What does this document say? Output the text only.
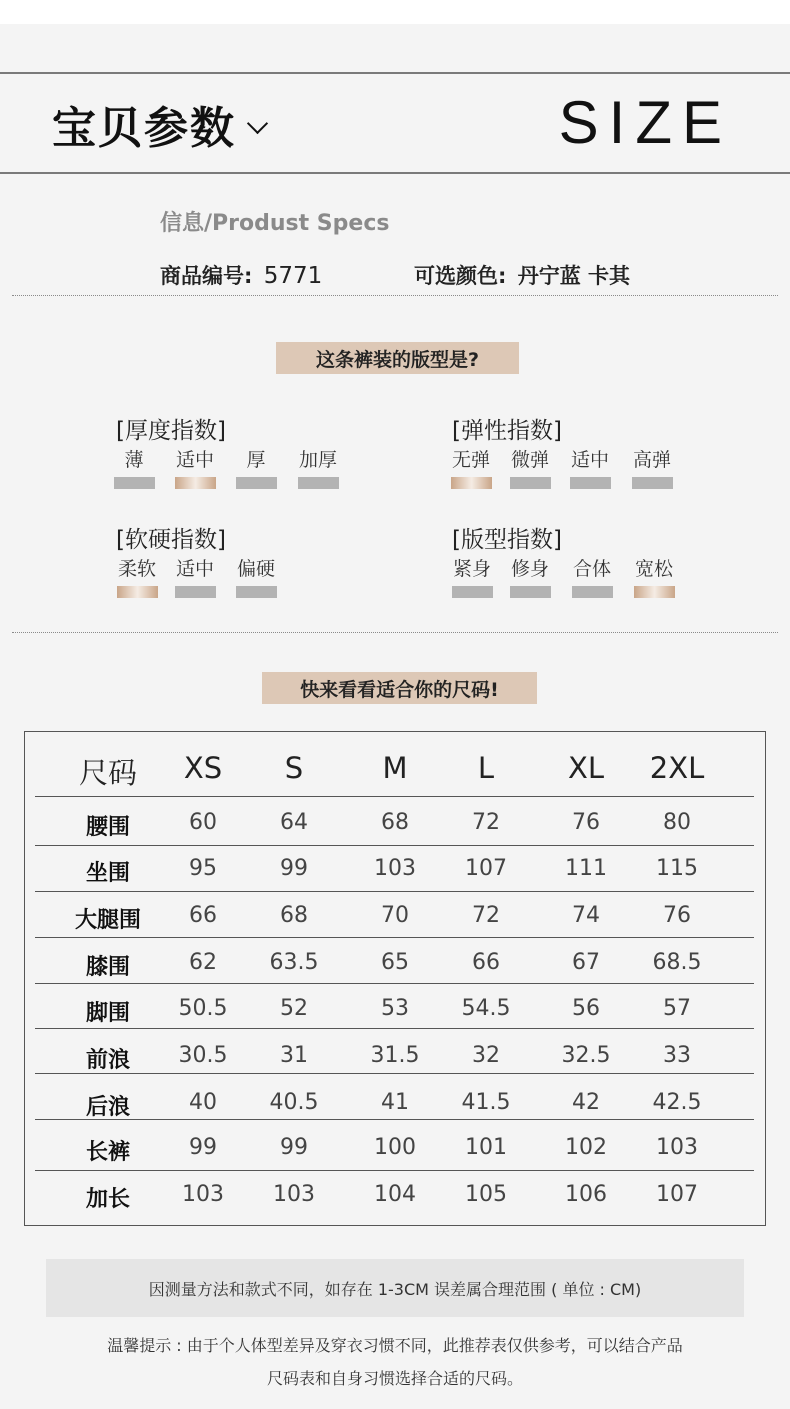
宝贝参数	SIZE
信息/Produst Specs
商品编号: 5771	可选颜色: 丹宁蓝 卡其
这条裤装的版型是?
[厚度指数]
薄	适中	厚	加厚
[弹性指数]
无弹	微弹	适中	高弹
[软硬指数]
柔软	适中	偏硬
[版型指数]
紧身	修身	合体	宽松
快来看看适合你的尺码!
尺码	XS	S	M	L	XL	2XL
腰围	60	64	68	72	76	80
坐围	95	99	103	107	111	115
大腿围	66	68	70	72	74	76
膝围	62	63.5	65	66	67	68.5
脚围	50.5	52	53	54.5	56	57
前浪	30.5	31	31.5	32	32.5	33
后浪	40	40.5	41	41.5	42	42.5
长裤	99	99	100	101	102	103
加长	103	103	104	105	106	107
因测量方法和款式不同，如存在 1-3CM 误差属合理范围 ( 单位 : CM)
温馨提示 : 由于个人体型差异及穿衣习惯不同，此推荐表仅供参考，可以结合产品
尺码表和自身习惯选择合适的尺码。
